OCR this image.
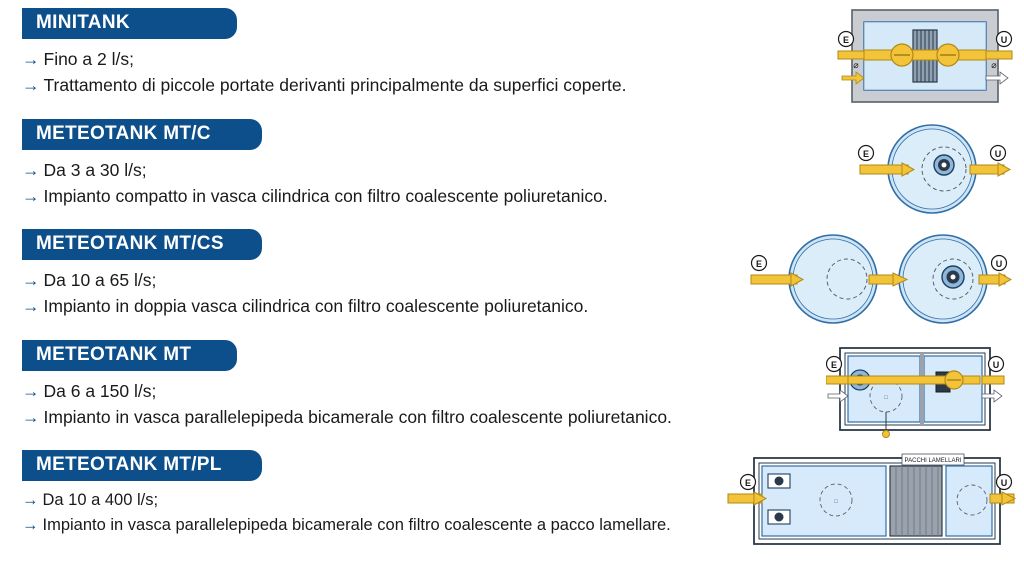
MINITANK
→ Fino a 2 l/s;
→ Trattamento di piccole portate derivanti principalmente da superfici coperte.
E	U
⌀	⌀
METEOTANK MT/C
→ Da 3 a 30 l/s;
→ Impianto compatto in vasca cilindrica con filtro coalescente poliuretanico.
E	U
METEOTANK MT/CS
→ Da 10 a 65 l/s;
→ Impianto in doppia vasca cilindrica con filtro coalescente poliuretanico.
E	U
METEOTANK MT
→ Da 6 a 150 l/s;
→ Impianto in vasca parallelepipeda bicamerale con filtro coalescente poliuretanico.
□
E	U
METEOTANK MT/PL
→ Da 10 a 400 l/s;
→ Impianto in vasca parallelepipeda bicamerale con filtro coalescente a pacco lamellare.
PACCHI LAMELLARI
□
E	U
